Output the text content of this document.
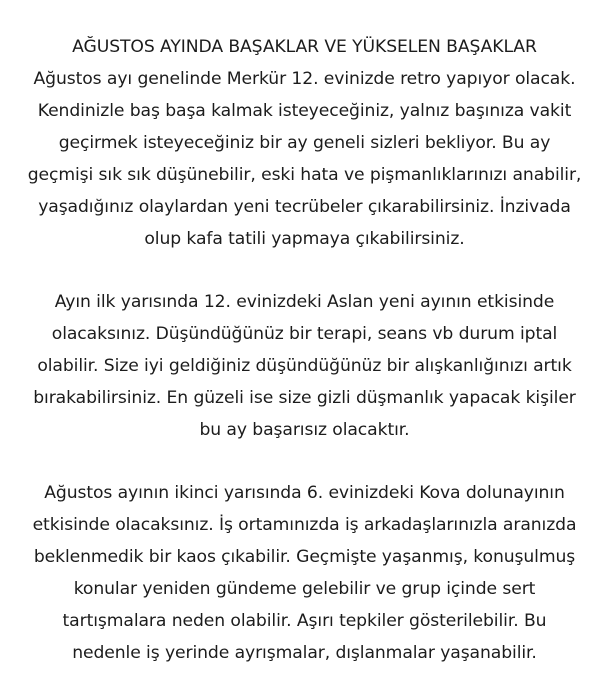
AĞUSTOS AYINDA BAŞAKLAR VE YÜKSELEN BAŞAKLAR
Ağustos ayı genelinde Merkür 12. evinizde retro yapıyor olacak.
Kendinizle baş başa kalmak isteyeceğiniz, yalnız başınıza vakit
geçirmek isteyeceğiniz bir ay geneli sizleri bekliyor. Bu ay
geçmişi sık sık düşünebilir, eski hata ve pişmanlıklarınızı anabilir,
yaşadığınız olaylardan yeni tecrübeler çıkarabilirsiniz. İnzivada
olup kafa tatili yapmaya çıkabilirsiniz.

Ayın ilk yarısında 12. evinizdeki Aslan yeni ayının etkisinde
olacaksınız. Düşündüğünüz bir terapi, seans vb durum iptal
olabilir. Size iyi geldiğiniz düşündüğünüz bir alışkanlığınızı artık
bırakabilirsiniz. En güzeli ise size gizli düşmanlık yapacak kişiler
bu ay başarısız olacaktır.

Ağustos ayının ikinci yarısında 6. evinizdeki Kova dolunayının
etkisinde olacaksınız. İş ortamınızda iş arkadaşlarınızla aranızda
beklenmedik bir kaos çıkabilir. Geçmişte yaşanmış, konuşulmuş
konular yeniden gündeme gelebilir ve grup içinde sert
tartışmalara neden olabilir. Aşırı tepkiler gösterilebilir. Bu
nedenle iş yerinde ayrışmalar, dışlanmalar yaşanabilir.
